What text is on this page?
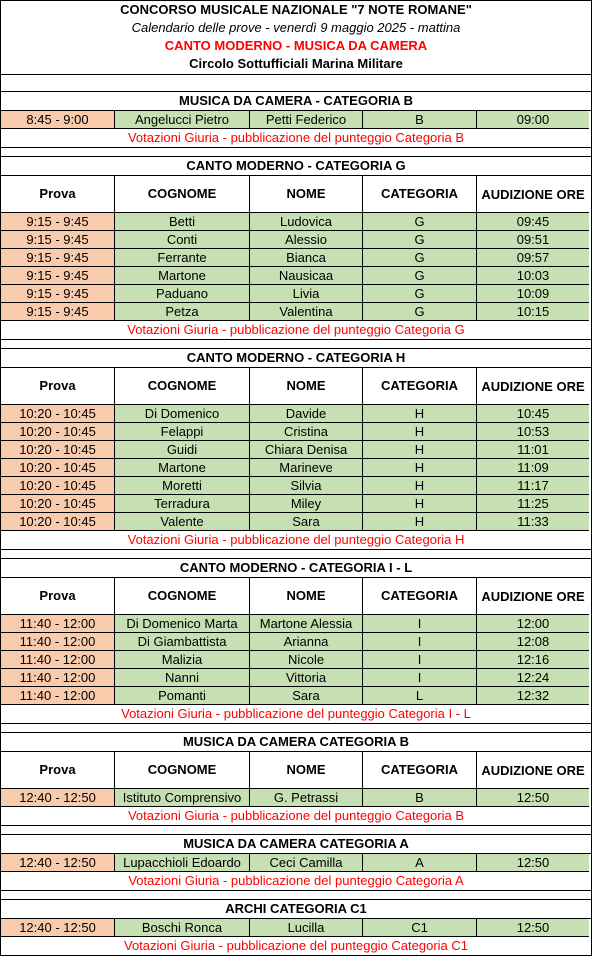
CONCORSO MUSICALE NAZIONALE "7 NOTE ROMANE"
Calendario delle prove - venerdì 9 maggio 2025 - mattina
CANTO MODERNO - MUSICA DA CAMERA
Circolo Sottufficiali Marina Militare
MUSICA DA CAMERA - CATEGORIA B
8:45 - 9:00	Angelucci Pietro	Petti Federico	B	09:00
Votazioni Giuria - pubblicazione del punteggio Categoria B
CANTO MODERNO - CATEGORIA G
Prova	COGNOME	NOME	CATEGORIA	AUDIZIONE ORE
9:15 - 9:45	Betti	Ludovica	G	09:45
9:15 - 9:45	Conti	Alessio	G	09:51
9:15 - 9:45	Ferrante	Bianca	G	09:57
9:15 - 9:45	Martone	Nausicaa	G	10:03
9:15 - 9:45	Paduano	Livia	G	10:09
9:15 - 9:45	Petza	Valentina	G	10:15
Votazioni Giuria - pubblicazione del punteggio Categoria G
CANTO MODERNO - CATEGORIA H
Prova	COGNOME	NOME	CATEGORIA	AUDIZIONE ORE
10:20 - 10:45	Di Domenico	Davide	H	10:45
10:20 - 10:45	Felappi	Cristina	H	10:53
10:20 - 10:45	Guidi	Chiara Denisa	H	11:01
10:20 - 10:45	Martone	Marineve	H	11:09
10:20 - 10:45	Moretti	Silvia	H	11:17
10:20 - 10:45	Terradura	Miley	H	11:25
10:20 - 10:45	Valente	Sara	H	11:33
Votazioni Giuria - pubblicazione del punteggio Categoria H
CANTO MODERNO - CATEGORIA I - L
Prova	COGNOME	NOME	CATEGORIA	AUDIZIONE ORE
11:40 - 12:00	Di Domenico Marta	Martone Alessia	I	12:00
11:40 - 12:00	Di Giambattista	Arianna	I	12:08
11:40 - 12:00	Malizia	Nicole	I	12:16
11:40 - 12:00	Nanni	Vittoria	I	12:24
11:40 - 12:00	Pomanti	Sara	L	12:32
Votazioni Giuria - pubblicazione del punteggio Categoria I - L
MUSICA DA CAMERA CATEGORIA B
Prova	COGNOME	NOME	CATEGORIA	AUDIZIONE ORE
12:40 - 12:50	Istituto Comprensivo	G. Petrassi	B	12:50
Votazioni Giuria - pubblicazione del punteggio Categoria B
MUSICA DA CAMERA CATEGORIA A
12:40 - 12:50	Lupacchioli Edoardo	Ceci Camilla	A	12:50
Votazioni Giuria - pubblicazione del punteggio Categoria A
ARCHI CATEGORIA C1
12:40 - 12:50	Boschi Ronca	Lucilla	C1	12:50
Votazioni Giuria - pubblicazione del punteggio Categoria C1
